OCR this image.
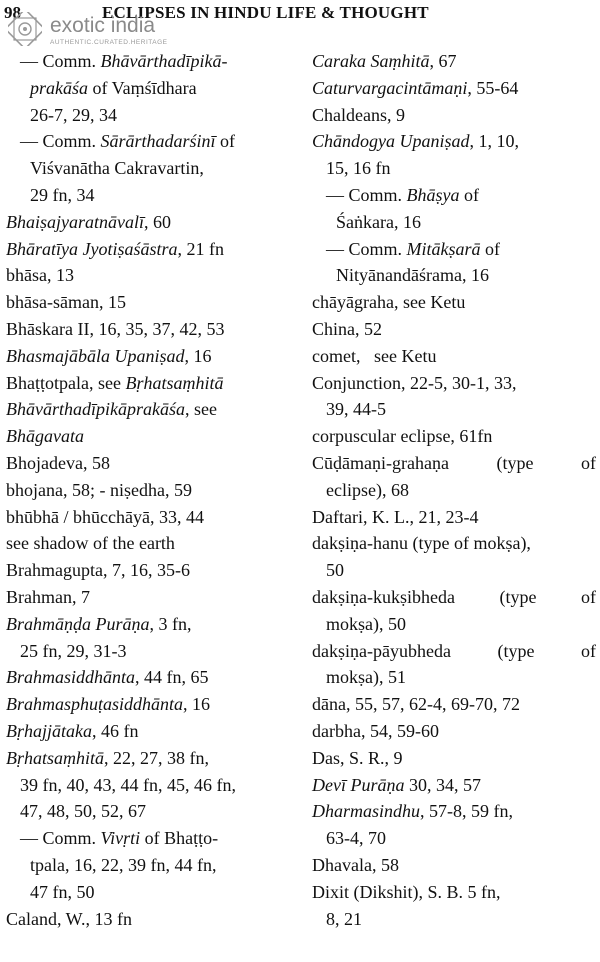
98	ECLIPSES IN HINDU LIFE & THOUGHT
exotic india
AUTHENTIC.CURATED.HERITAGE
— Comm. Bhāvārthadīpikā-
prakāśa of Vaṃśīdhara
26-7, 29, 34
— Comm. Sārārthadarśinī of
Viśvanātha Cakravartin,
29 fn, 34
Bhaiṣajyaratnāvalī, 60
Bhāratīya Jyotiṣaśāstra, 21 fn
bhāsa, 13
bhāsa-sāman, 15
Bhāskara II, 16, 35, 37, 42, 53
Bhasmajābāla Upaniṣad, 16
Bhaṭṭotpala, see Bṛhatsaṃhitā
Bhāvārthadīpikāprakāśa, see
Bhāgavata
Bhojadeva, 58
bhojana, 58; - niṣedha, 59
bhūbhā / bhūcchāyā, 33, 44
see shadow of the earth
Brahmagupta, 7, 16, 35-6
Brahman, 7
Brahmāṇḍa Purāṇa, 3 fn,
25 fn, 29, 31-3
Brahmasiddhānta, 44 fn, 65
Brahmasphuṭasiddhānta, 16
Bṛhajjātaka, 46 fn
Bṛhatsaṃhitā, 22, 27, 38 fn,
39 fn, 40, 43, 44 fn, 45, 46 fn,
47, 48, 50, 52, 67
— Comm. Vivṛti of Bhaṭṭo-
tpala, 16, 22, 39 fn, 44 fn,
47 fn, 50
Caland, W., 13 fn
Caraka Saṃhitā, 67
Caturvargacintāmaṇi, 55-64
Chaldeans, 9
Chāndogya Upaniṣad, 1, 10,
15, 16 fn
— Comm. Bhāṣya of
Śaṅkara, 16
— Comm. Mitākṣarā of
Nityānandāśrama, 16
chāyāgraha, see Ketu
China, 52
comet,   see Ketu
Conjunction, 22-5, 30-1, 33,
39, 44-5
corpuscular eclipse, 61fn
Cūḍāmaṇi-grahaṇa (type of
eclipse), 68
Daftari, K. L., 21, 23-4
dakṣiṇa-hanu (type of mokṣa),
50
dakṣiṇa-kukṣibheda (type of
mokṣa), 50
dakṣiṇa-pāyubheda (type of
mokṣa), 51
dāna, 55, 57, 62-4, 69-70, 72
darbha, 54, 59-60
Das, S. R., 9
Devī Purāṇa 30, 34, 57
Dharmasindhu, 57-8, 59 fn,
63-4, 70
Dhavala, 58
Dixit (Dikshit), S. B. 5 fn,
8, 21
